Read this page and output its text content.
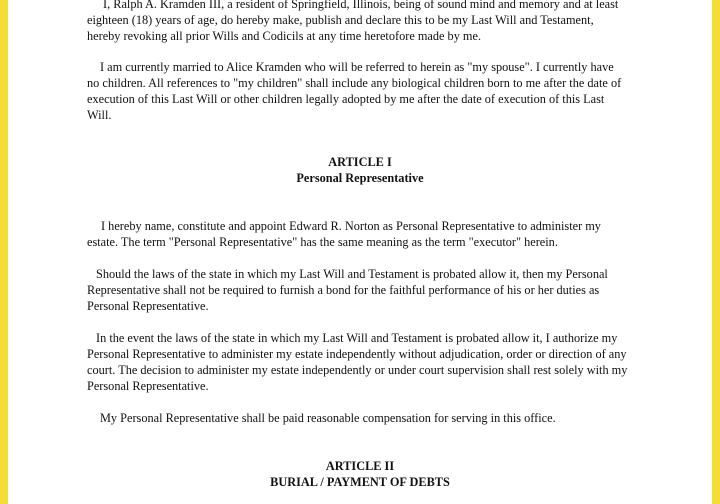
I, Ralph A. Kramden III, a resident of Springfield, Illinois, being of sound mind and memory and at least

eighteen (18) years of age, do hereby make, publish and declare this to be my Last Will and Testament,

hereby revoking all prior Wills and Codicils at any time heretofore made by me.

I am currently married to Alice Kramden who will be referred to herein as "my spouse". I currently have

no children. All references to "my children" shall include any biological children born to me after the date of

execution of this Last Will or other children legally adopted by me after the date of execution of this Last

Will.

ARTICLE I

Personal Representative

I hereby name, constitute and appoint Edward R. Norton as Personal Representative to administer my

estate. The term "Personal Representative" has the same meaning as the term "executor" herein.

Should the laws of the state in which my Last Will and Testament is probated allow it, then my Personal

Representative shall not be required to furnish a bond for the faithful performance of his or her duties as

Personal Representative.

In the event the laws of the state in which my Last Will and Testament is probated allow it, I authorize my

Personal Representative to administer my estate independently without adjudication, order or direction of any

court. The decision to administer my estate independently or under court supervision shall rest solely with my

Personal Representative.

My Personal Representative shall be paid reasonable compensation for serving in this office.

ARTICLE II

BURIAL / PAYMENT OF DEBTS
